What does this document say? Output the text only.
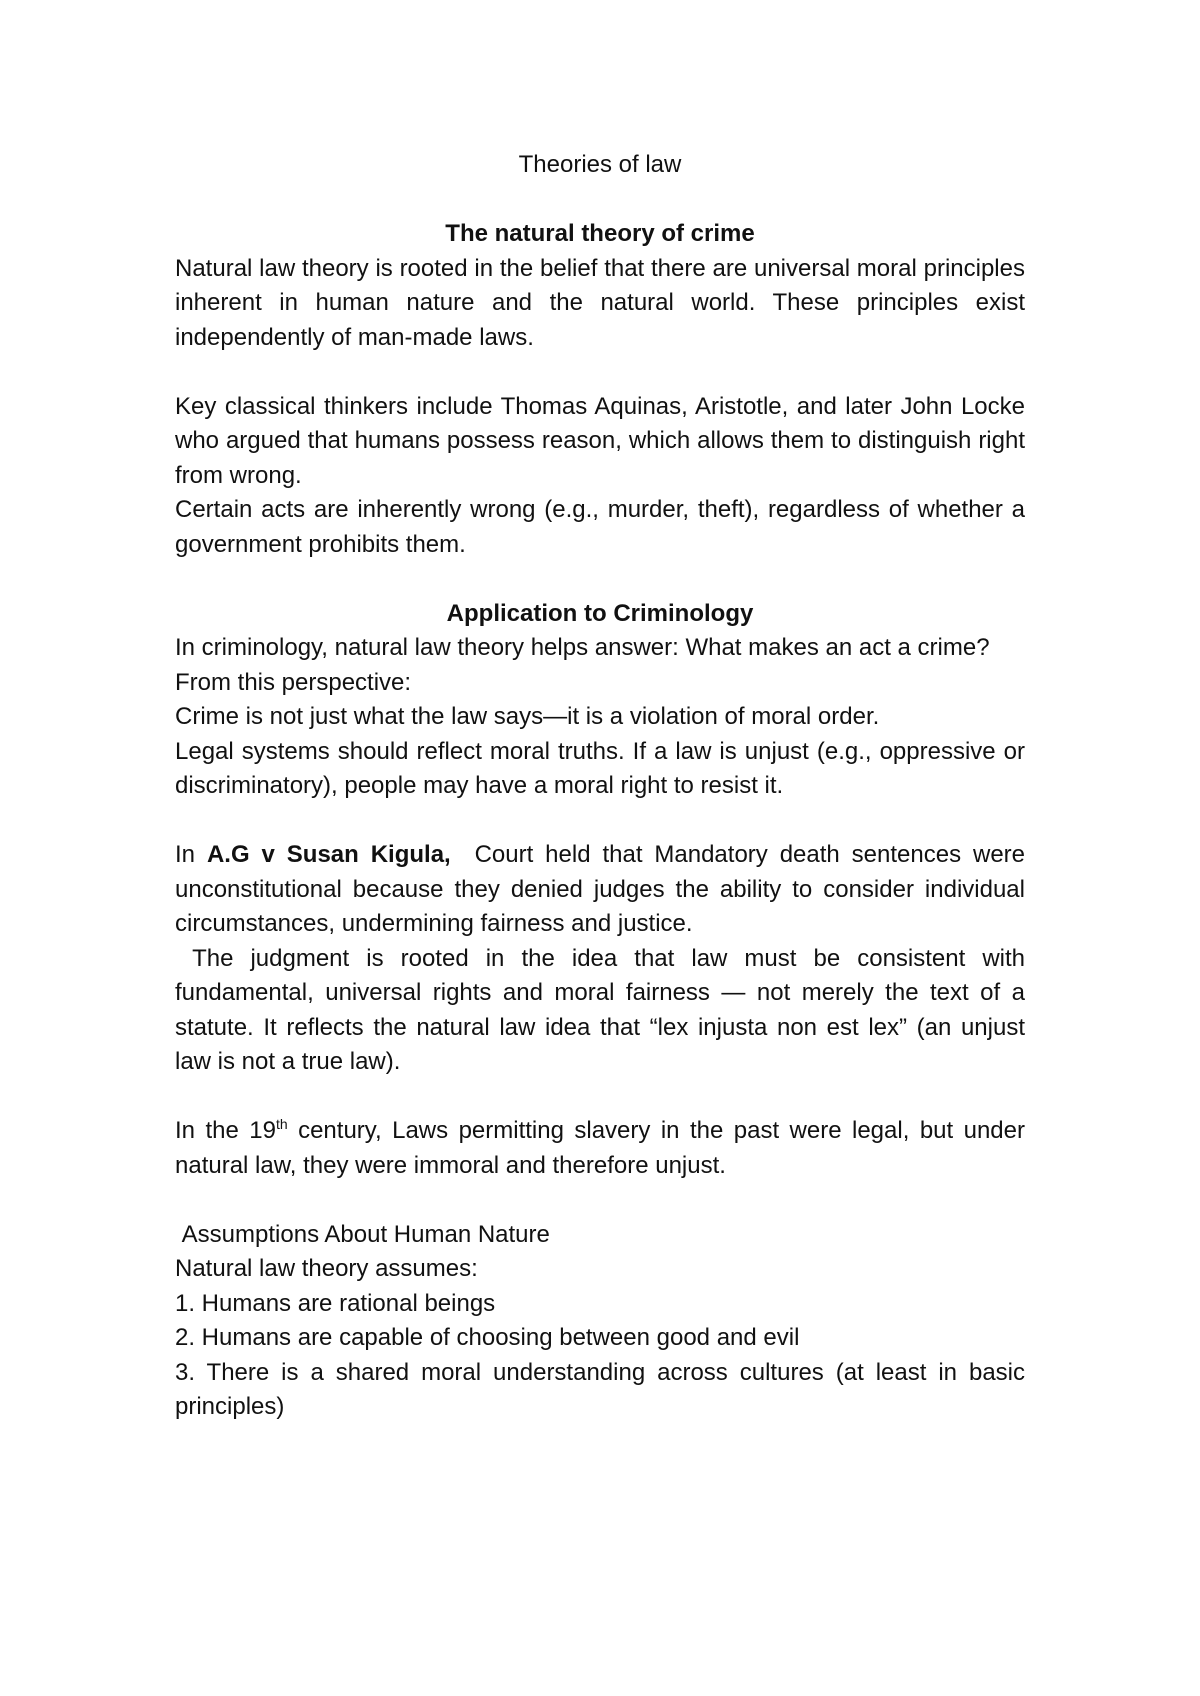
Theories of law

The natural theory of crime

Natural law theory is rooted in the belief that there are universal moral principles inherent in human nature and the natural world. These principles exist independently of man-made laws.

Key classical thinkers include Thomas Aquinas, Aristotle, and later John Locke who argued that humans possess reason, which allows them to distinguish right from wrong.

Certain acts are inherently wrong (e.g., murder, theft), regardless of whether a government prohibits them.

Application to Criminology

In criminology, natural law theory helps answer: What makes an act a crime?

From this perspective:

Crime is not just what the law says—it is a violation of moral order.

Legal systems should reflect moral truths. If a law is unjust (e.g., oppressive or discriminatory), people may have a moral right to resist it.

In A.G v Susan Kigula,  Court held that Mandatory death sentences were unconstitutional because they denied judges the ability to consider individual circumstances, undermining fairness and justice.

The judgment is rooted in the idea that law must be consistent with fundamental, universal rights and moral fairness — not merely the text of a statute. It reflects the natural law idea that “lex injusta non est lex” (an unjust law is not a true law).

In the 19th century, Laws permitting slavery in the past were legal, but under natural law, they were immoral and therefore unjust.

Assumptions About Human Nature

Natural law theory assumes:

1. Humans are rational beings

2. Humans are capable of choosing between good and evil

3. There is a shared moral understanding across cultures (at least in basic principles)
